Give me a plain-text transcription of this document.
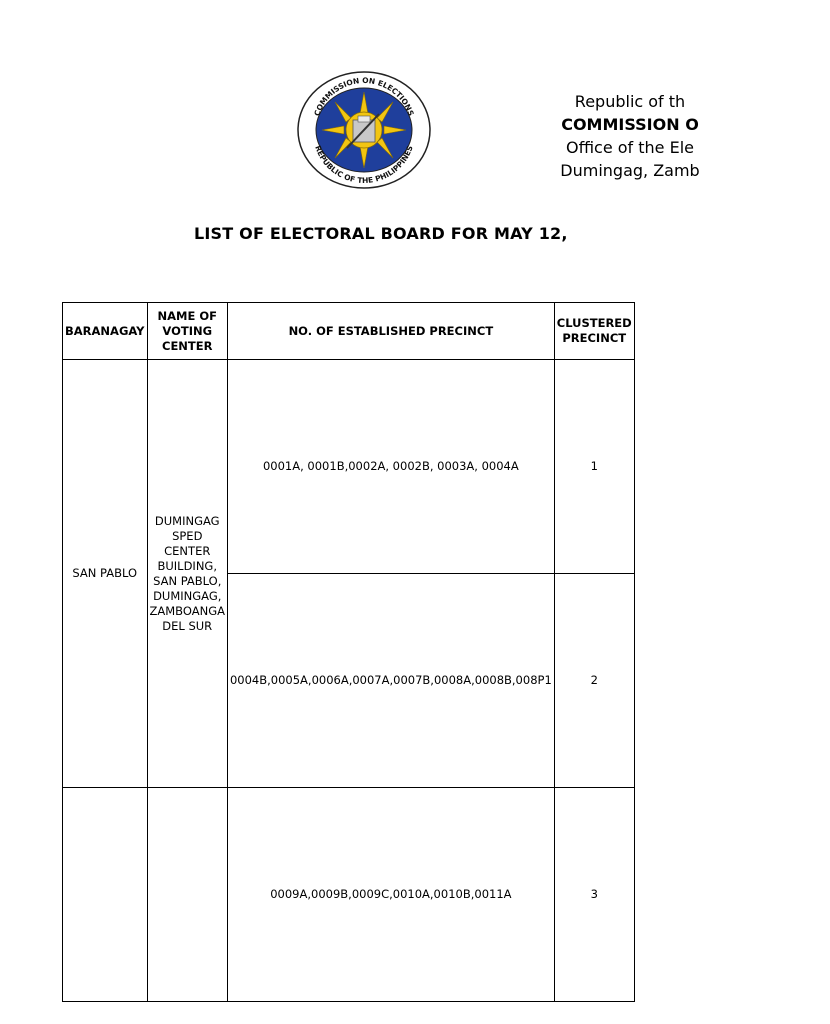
COMMISSION ON ELECTIONS
REPUBLIC OF THE PHILIPPINES
Republic of th
COMMISSION O
Office of the Ele
Dumingag, Zamb
LIST OF ELECTORAL BOARD FOR MAY 12,
BARANAGAY	NAME OF VOTING CENTER	NO. OF ESTABLISHED PRECINCT	CLUSTERED PRECINCT
SAN PABLO	DUMINGAG SPED CENTER BUILDING, SAN PABLO, DUMINGAG, ZAMBOANGA DEL SUR	0001A, 0001B,0002A, 0002B, 0003A, 0004A	1
		0004B,0005A,0006A,0007A,0007B,0008A,0008B,008P1	2
		0009A,0009B,0009C,0010A,0010B,0011A	3
